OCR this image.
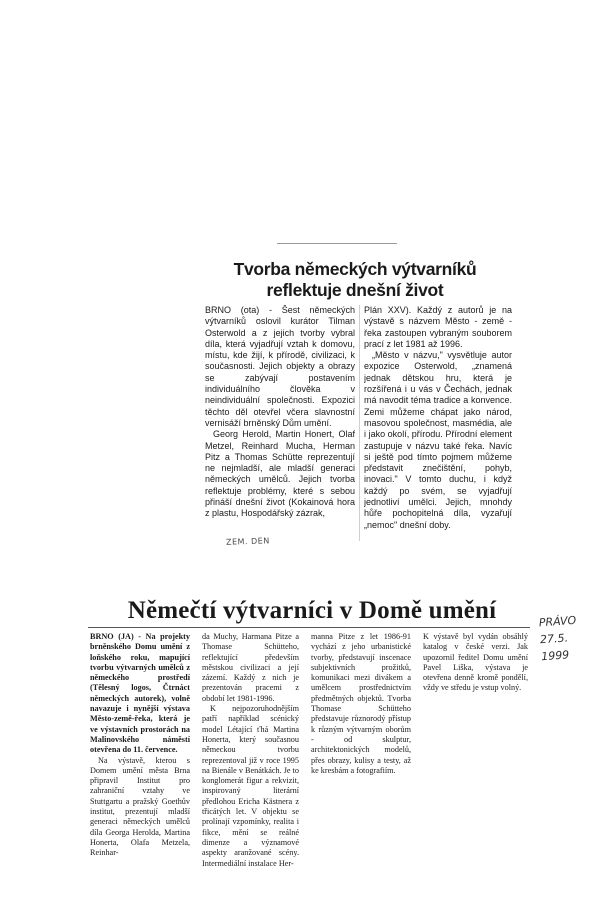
Tvorba německých výtvarníků reflektuje dnešní život

BRNO (ota) - Šest německých výtvarníků oslovil kurátor Tilman Osterwold a z jejich tvorby vybral díla, která vyjadřují vztah k domovu, místu, kde žijí, k přírodě, civilizaci, k současnosti. Jejich objekty a obrazy se zabývají postavením individuálního člověka v neindividuální společnosti. Expozici těchto děl otevřel včera slavnostní vernisáží brněnský Dům umění.

Georg Herold, Martin Honert, Olaf Metzel, Reinhard Mucha, Herman Pitz a Thomas Schütte reprezentují ne nejmladší, ale mladší generaci německých umělců. Jejich tvorba reflektuje problémy, které s sebou přináší dnešní život (Kokainová hora z plastu, Hospodářský zázrak,

Plán XXV). Každý z autorů je na výstavě s názvem Město - země - řeka zastoupen vybraným souborem prací z let 1981 až 1996.

„Město v názvu," vysvětluje autor expozice Osterwold, „znamená jednak dětskou hru, která je rozšířená i u vás v Čechách, jednak má navodit téma tradice a konvence. Zemi můžeme chápat jako národ, masovou společnost, masmédia, ale i jako okolí, přírodu. Přírodní element zastupuje v názvu také řeka. Navíc si ještě pod tímto pojmem můžeme představit znečištění, pohyb, inovaci." V tomto duchu, i když každý po svém, se vyjadřují jednotliví umělci. Jejich, mnohdy hůře pochopitelná díla, vyzařují „nemoc" dnešní doby.

ZEM. DEN
Němečtí výtvarníci v Domě umění

BRNO (JA) - Na projekty brněnského Domu umění z loňského roku, mapující tvorbu výtvarných umělců z německého prostředí (Tělesný logos, Čtrnáct německých autorek), volně navazuje i nynější výstava Město-země-řeka, která je ve výstavních prostorách na Malinovského náměstí otevřena do 11. července.

Na výstavě, kterou s Domem umění města Brna připravil Institut pro zahraniční vztahy ve Stuttgartu a pražský Goethův institut, prezentují mladší generaci německých umělců díla Georga Herolda, Martina Honerta, Olafa Metzela, Reinhar-

da Muchy, Harmana Pitze a Thomase Schütteho, reflektující především městskou civilizaci a její zázemí. Každý z nich je prezentován pracemi z období let 1981-1996.

K nejpozoruhodnějším patří například scénický model Létající ťhá Martina Honerta, který současnou německou tvorbu reprezentoval již v roce 1995 na Bienále v Benátkách. Je to konglomerát figur a rekvizit, inspirovaný literární předlohou Ericha Kästnera z třicátých let. V objektu se prolínají vzpomínky, realita i fikce, mění se reálné dimenze a významové aspekty aranžované scény. Intermediální instalace Her-

manna Pitze z let 1986-91 vychází z jeho urbanistické tvorby, představují inscenace subjektivních prožitků, komunikaci mezi divákem a umělcem prostřednictvím předmětných objektů. Tvorba Thomase Schütteho představuje různorodý přístup k různým výtvarným oborům - od skulptur, architektonických modelů, přes obrazy, kulisy a testy, až ke kresbám a fotografiím.

K výstavě byl vydán obsáhlý katalog v české verzi. Jak upozornil ředitel Domu umění Pavel Liška, výstava je otevřena denně kromě pondělí, vždy ve středu je vstup volný.

PRÁVO
27.5.
1999
